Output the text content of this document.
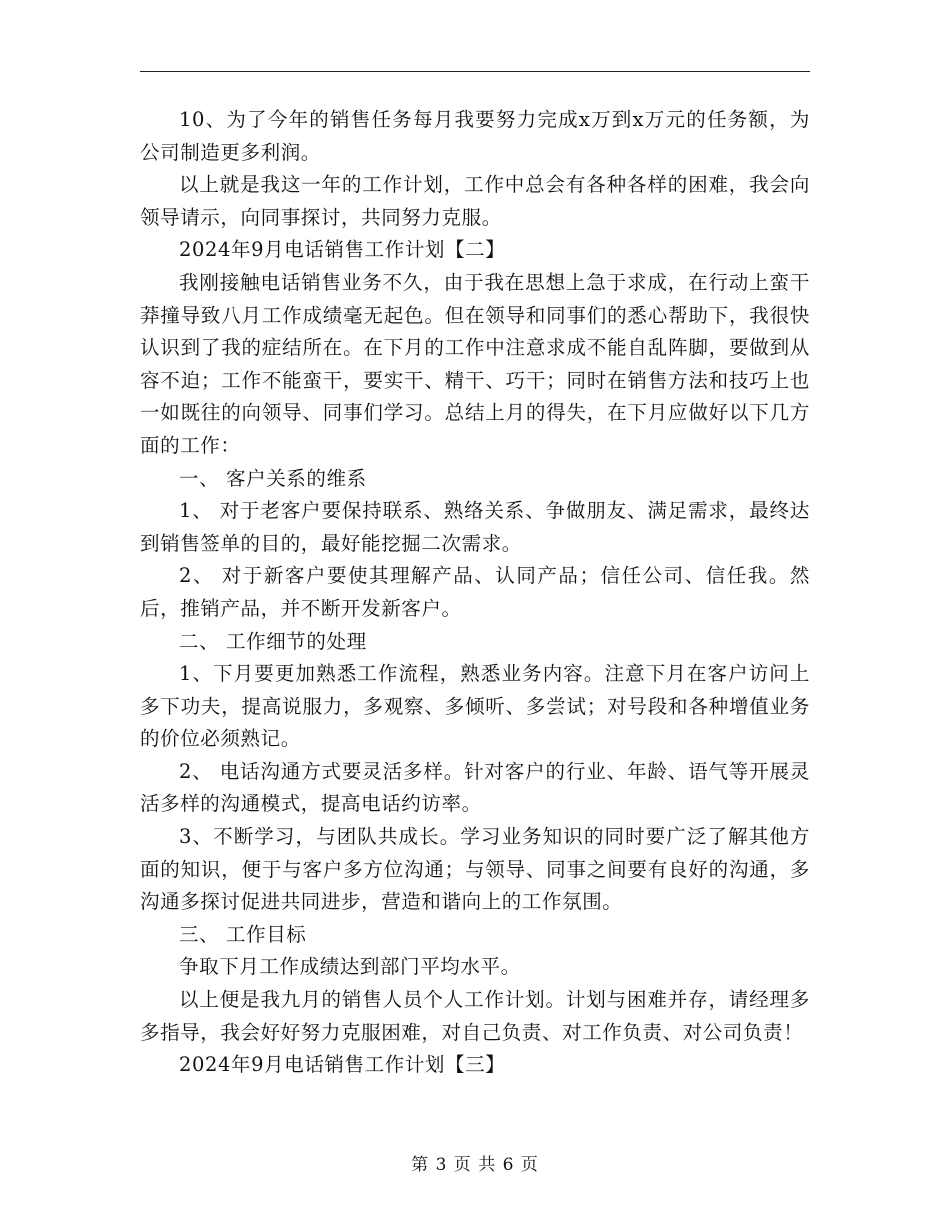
10、为了今年的销售任务每月我要努力完成x万到x万元的任务额，为公司制造更多利润。

以上就是我这一年的工作计划，工作中总会有各种各样的困难，我会向领导请示，向同事探讨，共同努力克服。

2024年9月电话销售工作计划【二】

我刚接触电话销售业务不久，由于我在思想上急于求成，在行动上蛮干莽撞导致八月工作成绩毫无起色。但在领导和同事们的悉心帮助下，我很快认识到了我的症结所在。在下月的工作中注意求成不能自乱阵脚，要做到从容不迫；工作不能蛮干，要实干、精干、巧干；同时在销售方法和技巧上也一如既往的向领导、同事们学习。总结上月的得失，在下月应做好以下几方面的工作：

一、 客户关系的维系

1、 对于老客户要保持联系、熟络关系、争做朋友、满足需求，最终达到销售签单的目的，最好能挖掘二次需求。

2、 对于新客户要使其理解产品、认同产品；信任公司、信任我。然后，推销产品，并不断开发新客户。

二、 工作细节的处理

1、下月要更加熟悉工作流程，熟悉业务内容。注意下月在客户访问上多下功夫，提高说服力，多观察、多倾听、多尝试；对号段和各种增值业务的价位必须熟记。

2、 电话沟通方式要灵活多样。针对客户的行业、年龄、语气等开展灵活多样的沟通模式，提高电话约访率。

3、不断学习，与团队共成长。学习业务知识的同时要广泛了解其他方面的知识，便于与客户多方位沟通；与领导、同事之间要有良好的沟通，多沟通多探讨促进共同进步，营造和谐向上的工作氛围。

三、 工作目标

争取下月工作成绩达到部门平均水平。

以上便是我九月的销售人员个人工作计划。计划与困难并存，请经理多多指导，我会好好努力克服困难，对自己负责、对工作负责、对公司负责！

2024年9月电话销售工作计划【三】

第 3 页 共 6 页
